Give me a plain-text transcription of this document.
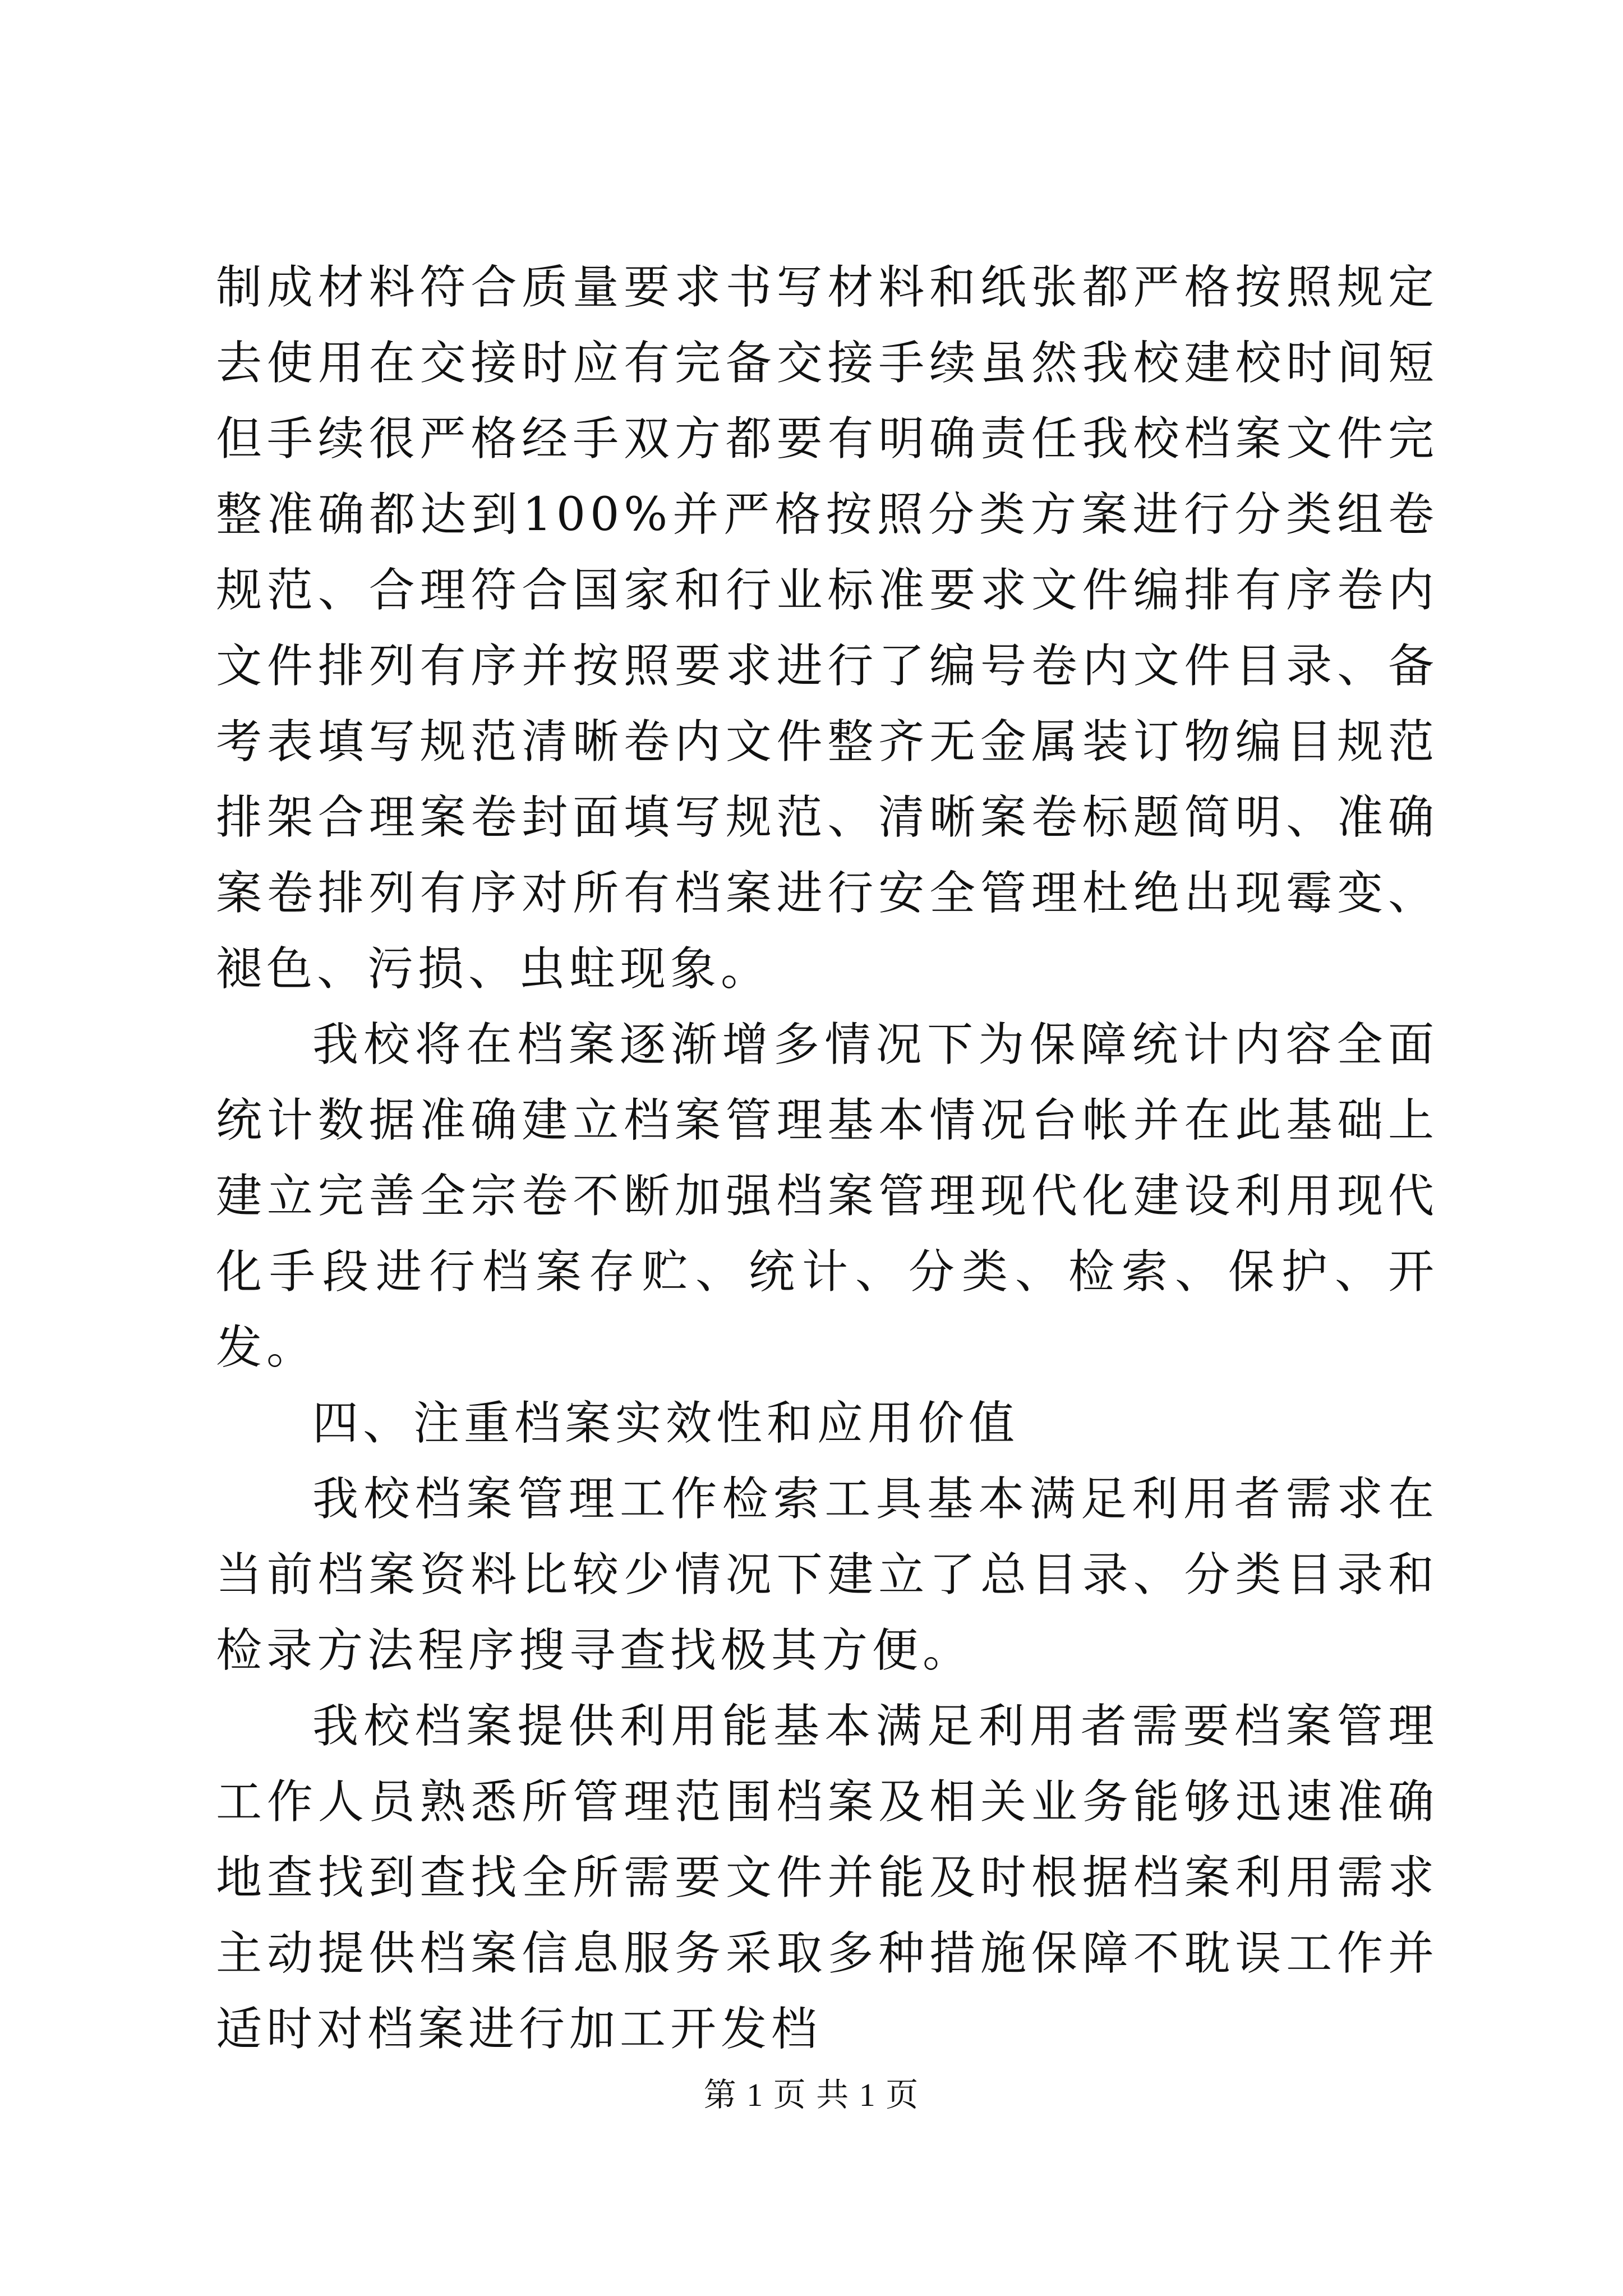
制成材料符合质量要求书写材料和纸张都严格按照规定去使用在交接时应有完备交接手续虽然我校建校时间短但手续很严格经手双方都要有明确责任我校档案文件完整准确都达到100%并严格按照分类方案进行分类组卷规范、合理符合国家和行业标准要求文件编排有序卷内文件排列有序并按照要求进行了编号卷内文件目录、备考表填写规范清晰卷内文件整齐无金属装订物编目规范排架合理案卷封面填写规范、清晰案卷标题简明、准确案卷排列有序对所有档案进行安全管理杜绝出现霉变、褪色、污损、虫蛀现象。

我校将在档案逐渐增多情况下为保障统计内容全面统计数据准确建立档案管理基本情况台帐并在此基础上建立完善全宗卷不断加强档案管理现代化建设利用现代化手段进行档案存贮、统计、分类、检索、保护、开发。

四、注重档案实效性和应用价值

我校档案管理工作检索工具基本满足利用者需求在当前档案资料比较少情况下建立了总目录、分类目录和检录方法程序搜寻查找极其方便。

我校档案提供利用能基本满足利用者需要档案管理工作人员熟悉所管理范围档案及相关业务能够迅速准确地查找到查找全所需要文件并能及时根据档案利用需求主动提供档案信息服务采取多种措施保障不耽误工作并适时对档案进行加工开发档

第 1 页 共 1 页
